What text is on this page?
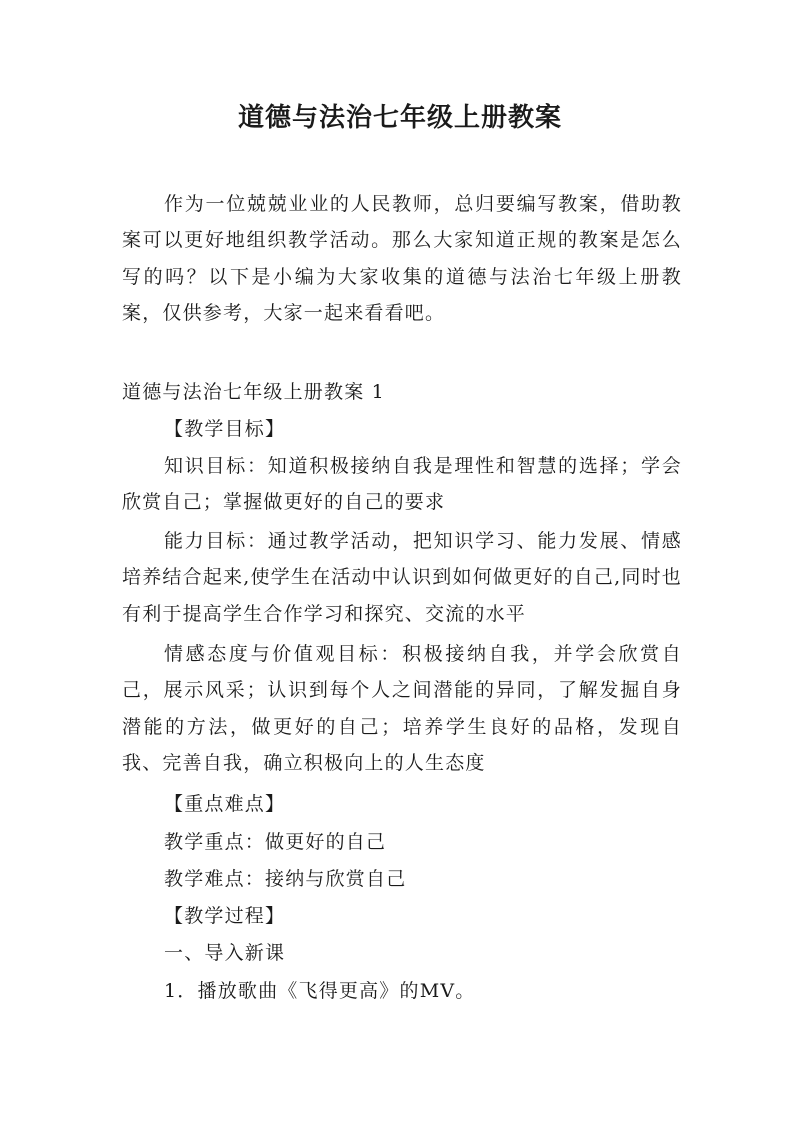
道德与法治七年级上册教案

作为一位兢兢业业的人民教师，总归要编写教案，借助教案可以更好地组织教学活动。那么大家知道正规的教案是怎么写的吗？以下是小编为大家收集的道德与法治七年级上册教案，仅供参考，大家一起来看看吧。

道德与法治七年级上册教案 1
【教学目标】

知识目标：知道积极接纳自我是理性和智慧的选择；学会欣赏自己；掌握做更好的自己的要求

能力目标：通过教学活动，把知识学习、能力发展、情感培养结合起来,使学生在活动中认识到如何做更好的自己,同时也有利于提高学生合作学习和探究、交流的水平

情感态度与价值观目标：积极接纳自我，并学会欣赏自己，展示风采；认识到每个人之间潜能的异同，了解发掘自身潜能的方法，做更好的自己；培养学生良好的品格，发现自我、完善自我，确立积极向上的人生态度

【重点难点】
教学重点：做更好的自己
教学难点：接纳与欣赏自己
【教学过程】
一、导入新课
1．播放歌曲《飞得更高》的MV。
